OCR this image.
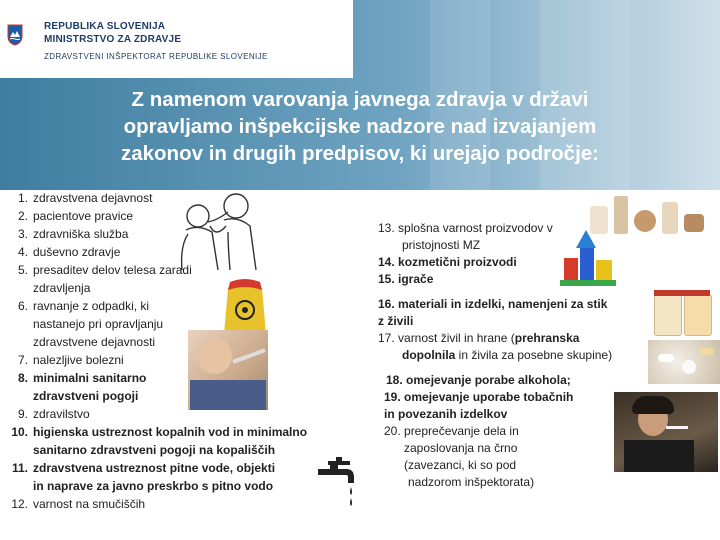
REPUBLIKA SLOVENIJA
MINISTRSTVO ZA ZDRAVJE
ZDRAVSTVENI INŠPEKTORAT REPUBLIKE SLOVENIJE
Z namenom varovanja javnega zdravja v državi
opravljamo inšpekcijske nadzore nad izvajanjem
zakonov in drugih predpisov, ki urejajo področje:
1. zdravstvena dejavnost
2. pacientove pravice
3. zdravniška služba
4. duševno zdravje
5. presaditev delov telesa zaradi
zdravljenja
6. ravnanje z odpadki, ki
nastanejo pri opravljanju
zdravstvene dejavnosti
7. nalezljive bolezni
8. minimalni sanitarno
zdravstveni pogoji
9. zdravilstvo
10. higienska ustreznost kopalnih vod in minimalno
sanitarno zdravstveni pogoji na kopališčih
11. zdravstvena ustreznost pitne vode, objekti
in naprave za javno preskrbo s pitno vodo
12. varnost na smučiščih
13. splošna varnost proizvodov v
pristojnosti MZ
14. kozmetični proizvodi
15. igrače
16. materiali in izdelki, namenjeni za stik
z živili
17. varnost živil in hrane (prehranska
dopolnila in živila za posebne skupine)
18. omejevanje porabe alkohola;
19. omejevanje uporabe tobačnih
in povezanih izdelkov
20. preprečevanje dela in
zaposlovanja na črno
(zavezanci, ki so pod
nadzorom inšpektorata)
